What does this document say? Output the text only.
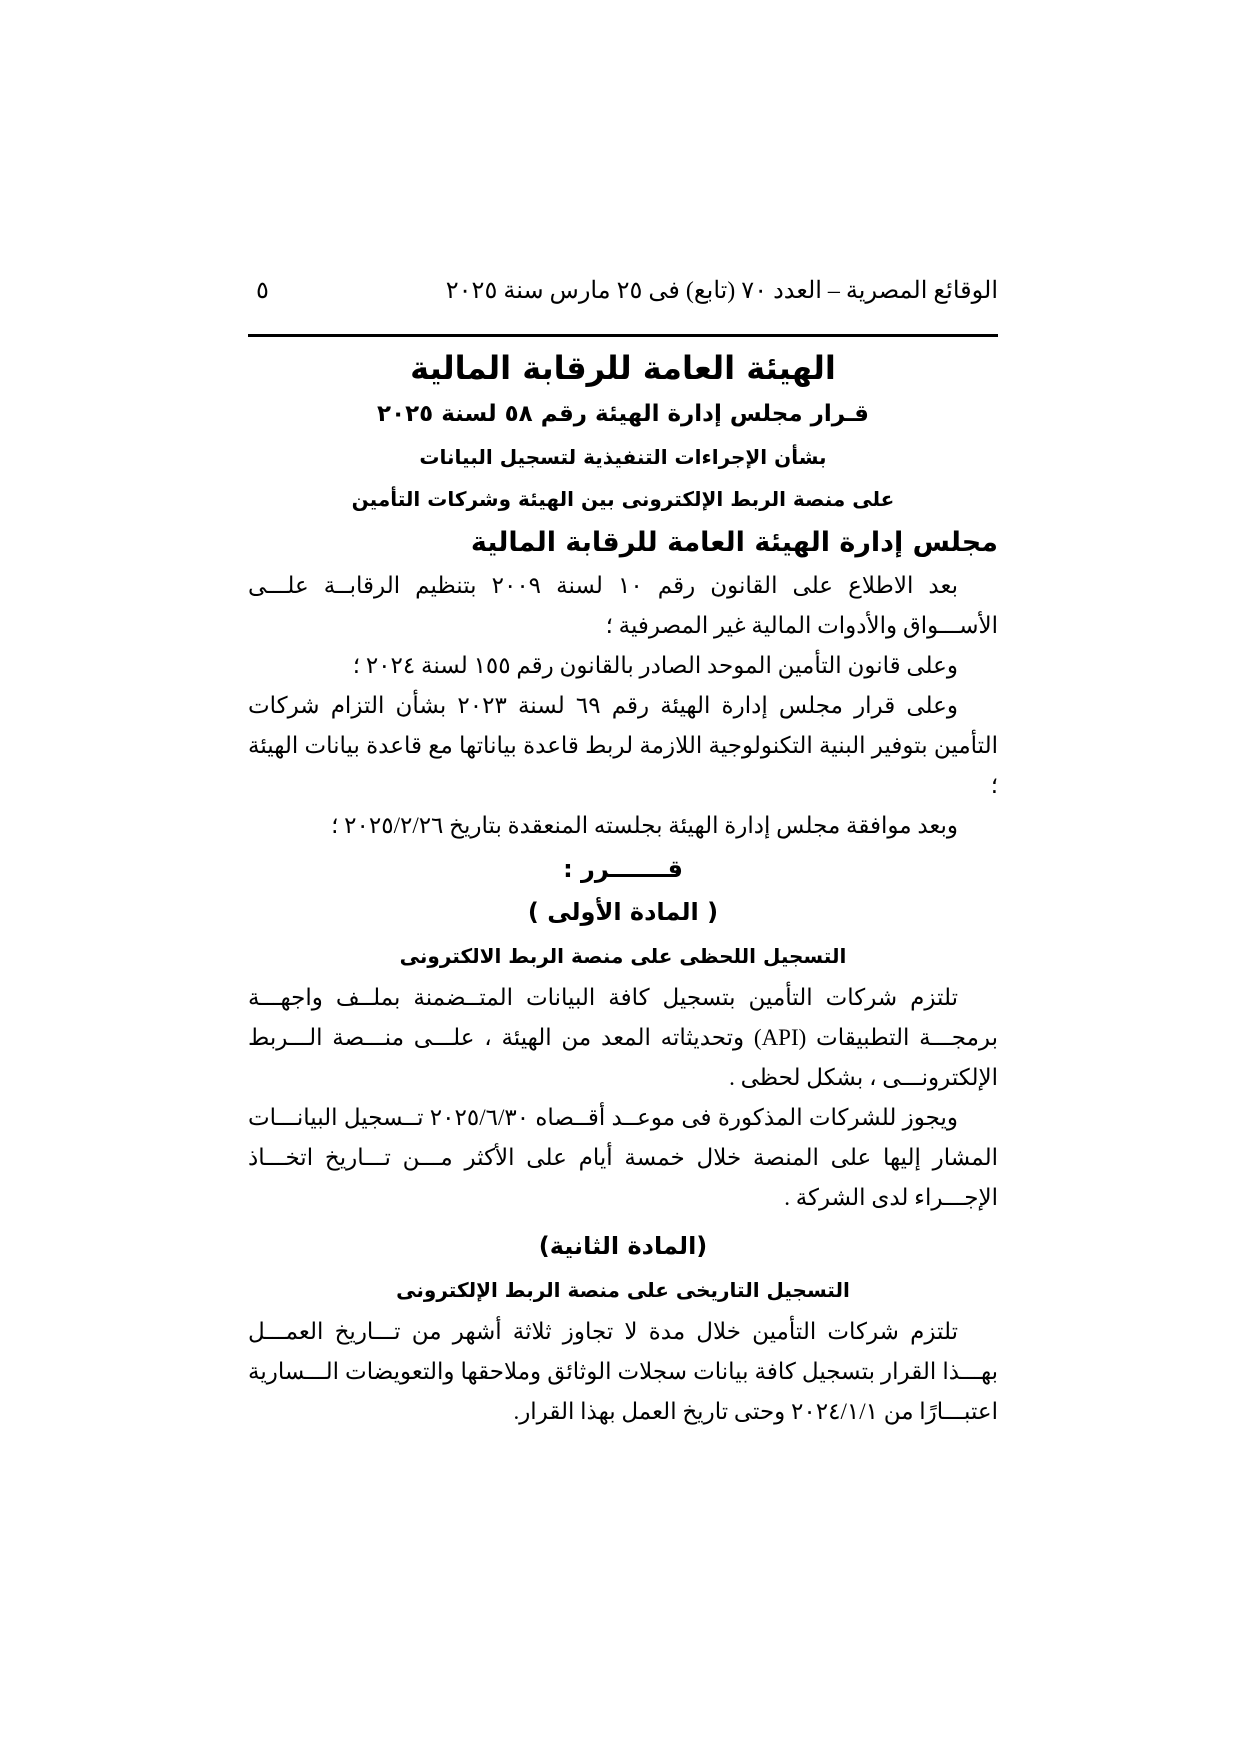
الوقائع المصرية – العدد ٧٠ (تابع) فى ٢٥ مارس سنة ٢٠٢٥
٥
الهيئة العامة للرقابة المالية
قـرار مجلس إدارة الهيئة رقم ٥٨ لسنة ٢٠٢٥
بشأن الإجراءات التنفيذية لتسجيل البيانات
على منصة الربط الإلكترونى بين الهيئة وشركات التأمين
مجلس إدارة الهيئة العامة للرقابة المالية

بعد الاطلاع على القانون رقم ١٠ لسنة ٢٠٠٩ بتنظيم الرقابــة علـــى الأســـواق والأدوات المالية غير المصرفية ؛

وعلى قانون التأمين الموحد الصادر بالقانون رقم ١٥٥ لسنة ٢٠٢٤ ؛

وعلى قرار مجلس إدارة الهيئة رقم ٦٩ لسنة ٢٠٢٣ بشأن التزام شركات التأمين بتوفير البنية التكنولوجية اللازمة لربط قاعدة بياناتها مع قاعدة بيانات الهيئة ؛

وبعد موافقة مجلس إدارة الهيئة بجلسته المنعقدة بتاريخ ٢٠٢٥/٢/٢٦ ؛

قـــــــرر :
( المادة الأولى )
التسجيل اللحظى على منصة الربط الالكترونى

تلتزم شركات التأمين بتسجيل كافة البيانات المتــضمنة بملــف واجهـــة برمجـــة التطبيقات (API) وتحديثاته المعد من الهيئة ، علـــى منـــصة الـــربط الإلكترونـــى ، بشكل لحظى .

ويجوز للشركات المذكورة فى موعــد أقــصاه ٢٠٢٥/٦/٣٠ تــسجيل البيانـــات المشار إليها على المنصة خلال خمسة أيام على الأكثر مـــن تـــاريخ اتخـــاذ الإجـــراء لدى الشركة .

(المادة الثانية)
التسجيل التاريخى على منصة الربط الإلكترونى

تلتزم شركات التأمين خلال مدة لا تجاوز ثلاثة أشهر من تـــاريخ العمـــل بهـــذا القرار بتسجيل كافة بيانات سجلات الوثائق وملاحقها والتعويضات الـــسارية اعتبـــارًا من ٢٠٢٤/١/١ وحتى تاريخ العمل بهذا القرار.
